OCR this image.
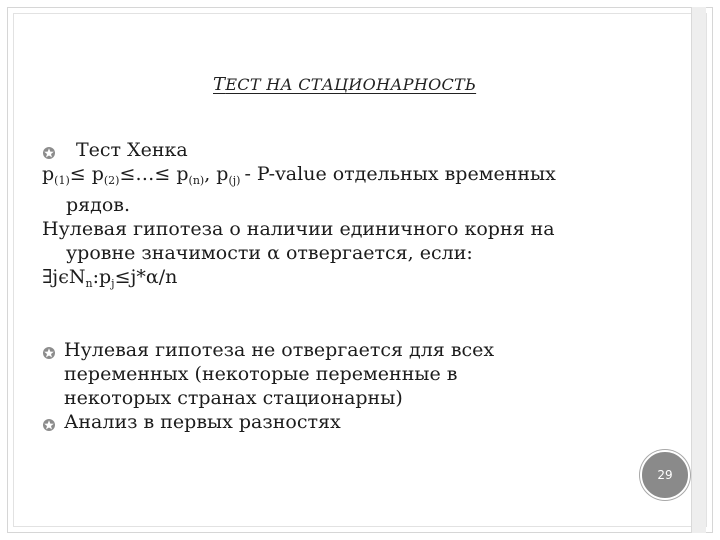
ТЕСТ НА СТАЦИОНАРНОСТЬ
Тест Хенка
$p_{(1)}\le$ $p_{(2)}\le\dots\le p_{(n)}$, $p_{(j)}$ - P-value отдельных временных
рядов.
Нулевая гипотеза о наличии единичного корня на
уровне значимости α отвергается, если:
$\exists j\epsilon N_n:p_j\le j*\alpha/n$
Нулевая гипотеза не отвергается для всех
переменных (некоторые переменные в
некоторых странах стационарны)
Анализ в первых разностях
29
